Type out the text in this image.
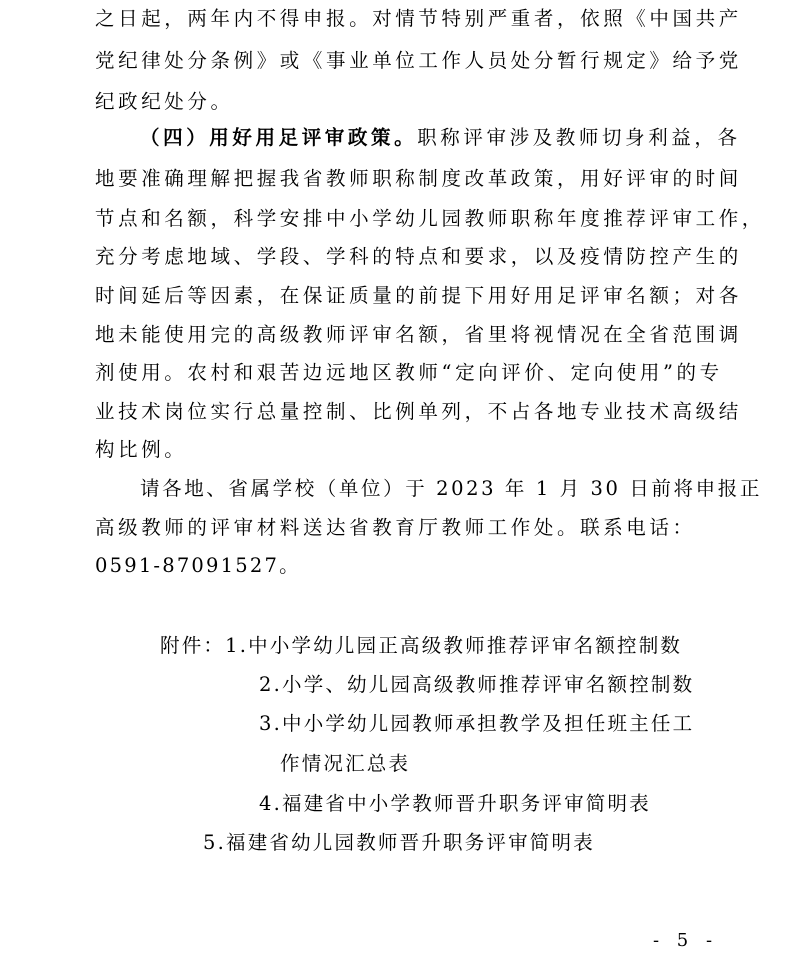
之日起，两年内不得申报。对情节特别严重者，依照《中国共产
党纪律处分条例》或《事业单位工作人员处分暂行规定》给予党
纪政纪处分。
（四）用好用足评审政策。职称评审涉及教师切身利益，各
地要准确理解把握我省教师职称制度改革政策，用好评审的时间
节点和名额，科学安排中小学幼儿园教师职称年度推荐评审工作，
充分考虑地域、学段、学科的特点和要求，以及疫情防控产生的
时间延后等因素，在保证质量的前提下用好用足评审名额；对各
地未能使用完的高级教师评审名额，省里将视情况在全省范围调
剂使用。农村和艰苦边远地区教师“定向评价、定向使用”的专
业技术岗位实行总量控制、比例单列，不占各地专业技术高级结
构比例。
请各地、省属学校（单位）于 2023 年 1 月 30 日前将申报正
高级教师的评审材料送达省教育厅教师工作处。联系电话：
0591-87091527。
附件：1.中小学幼儿园正高级教师推荐评审名额控制数
2.小学、幼儿园高级教师推荐评审名额控制数
3.中小学幼儿园教师承担教学及担任班主任工
作情况汇总表
4.福建省中小学教师晋升职务评审简明表
5.福建省幼儿园教师晋升职务评审简明表
- 5 -
